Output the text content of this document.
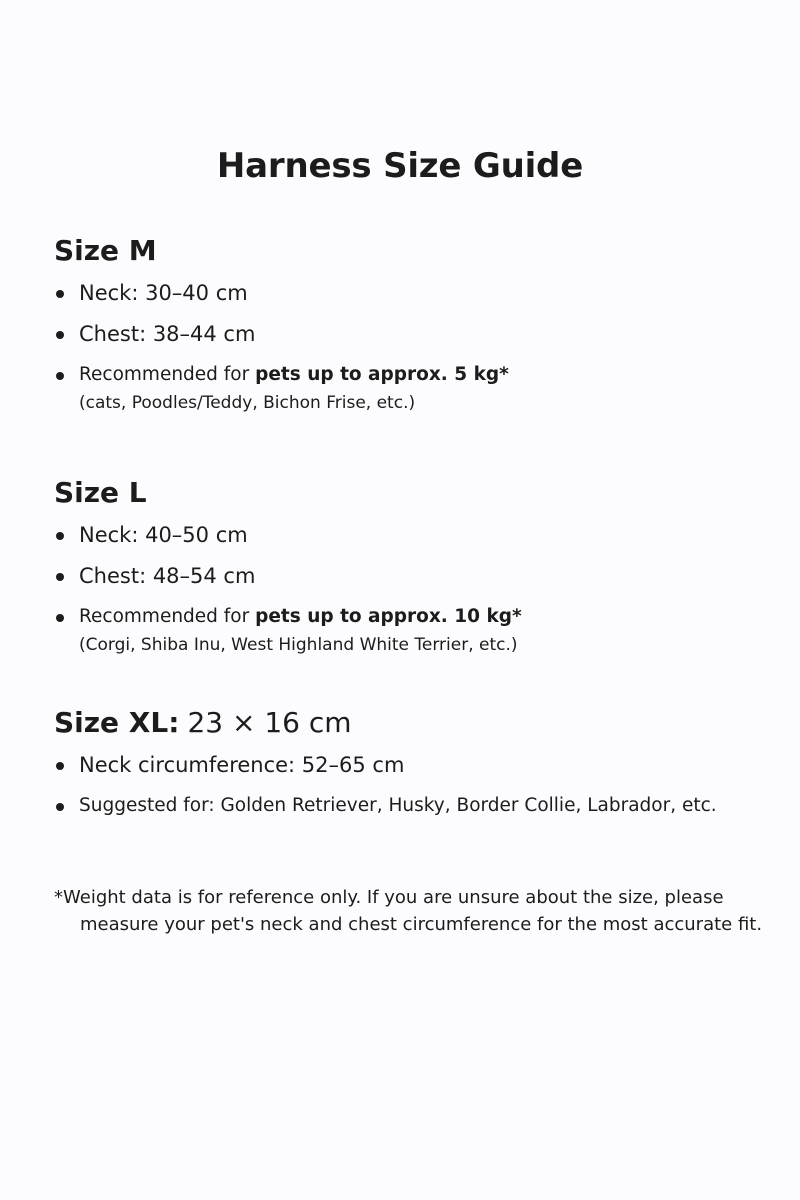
Harness Size Guide
Size M
Neck: 30–40 cm
Chest: 38–44 cm
Recommended for pets up to approx. 5 kg*
(cats, Poodles/Teddy, Bichon Frise, etc.)
Size L
Neck: 40–50 cm
Chest: 48–54 cm
Recommended for pets up to approx. 10 kg*
(Corgi, Shiba Inu, West Highland White Terrier, etc.)
Size XL: 23 × 16 cm
Neck circumference: 52–65 cm
Suggested for: Golden Retriever, Husky, Border Collie, Labrador, etc.

*Weight data is for reference only. If you are unsure about the size, please measure your pet's neck and chest circumference for the most accurate fit.
